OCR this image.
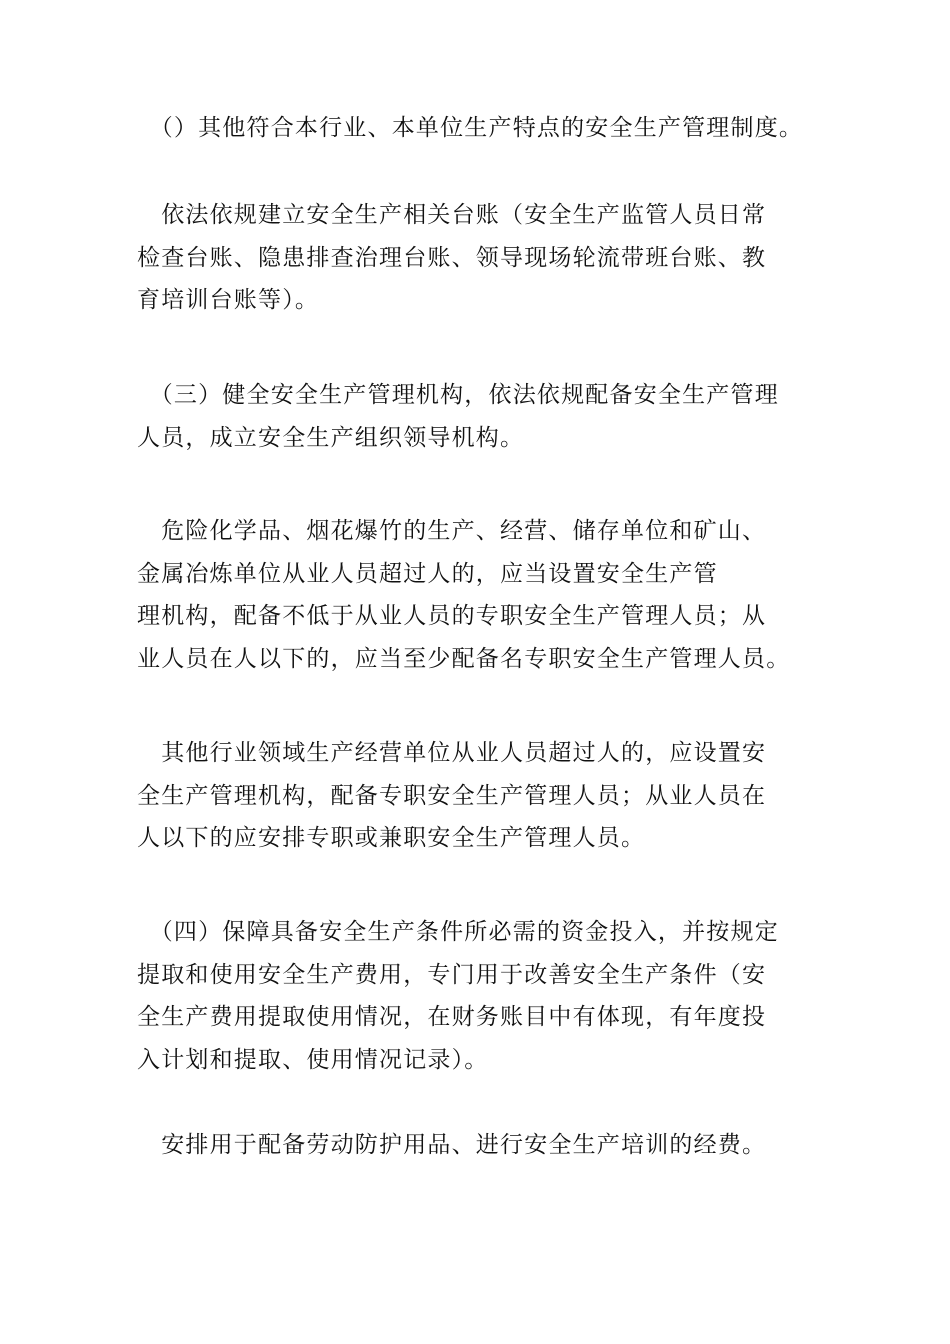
　（）其他符合本行业、本单位生产特点的安全生产管理制度。
　依法依规建立安全生产相关台账（安全生产监管人员日常
检查台账、隐患排查治理台账、领导现场轮流带班台账、教
育培训台账等）。
　（三）健全安全生产管理机构，依法依规配备安全生产管理
人员，成立安全生产组织领导机构。
　危险化学品、烟花爆竹的生产、经营、储存单位和矿山、
金属冶炼单位从业人员超过人的，应当设置安全生产管
理机构，配备不低于从业人员的专职安全生产管理人员；从
业人员在人以下的，应当至少配备名专职安全生产管理人员。
　其他行业领域生产经营单位从业人员超过人的，应设置安
全生产管理机构，配备专职安全生产管理人员；从业人员在
人以下的应安排专职或兼职安全生产管理人员。
　（四）保障具备安全生产条件所必需的资金投入，并按规定
提取和使用安全生产费用，专门用于改善安全生产条件（安
全生产费用提取使用情况，在财务账目中有体现，有年度投
入计划和提取、使用情况记录）。
　安排用于配备劳动防护用品、进行安全生产培训的经费。
